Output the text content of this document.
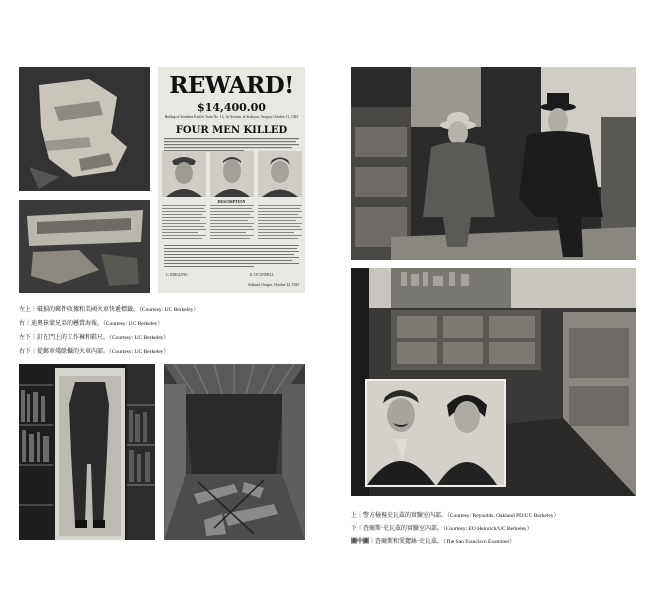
REWARD!
$14,400.00
Holdup of Southern Pacific Train No. 13, 1st Section, at Siskiyou, Oregon, October 11, 1923
FOUR MEN KILLED
DESCRIPTION
C. RINGLING	E. O'CONNELL
Ashland, Oregon, October 24, 1923
左上｜破損的郵件收據和美國火車快遞標籤。（Courtesy: UC Berkeley）
右｜迪奧崔蒙兄弟的懸賞海報。（Courtesy: UC Berkeley）
左下｜釘在門上的工作褲和鞋尺。（Courtesy: UC Berkeley）
右下｜從郵車殘餘攝的火車內部。（Courtesy: UC Berkeley）
上｜警方檢視史瓦茲的實驗室內部。（Courtesy: Reynolds, Oakland PD/UC Berkeley）
下｜查爾斯‧史瓦茲的實驗室內部。（Courtesy: EO Heinrich/UC Berkeley）
圖中圖｜查爾斯和愛麗絲‧史瓦茲。（The San Francisco Examiner）
